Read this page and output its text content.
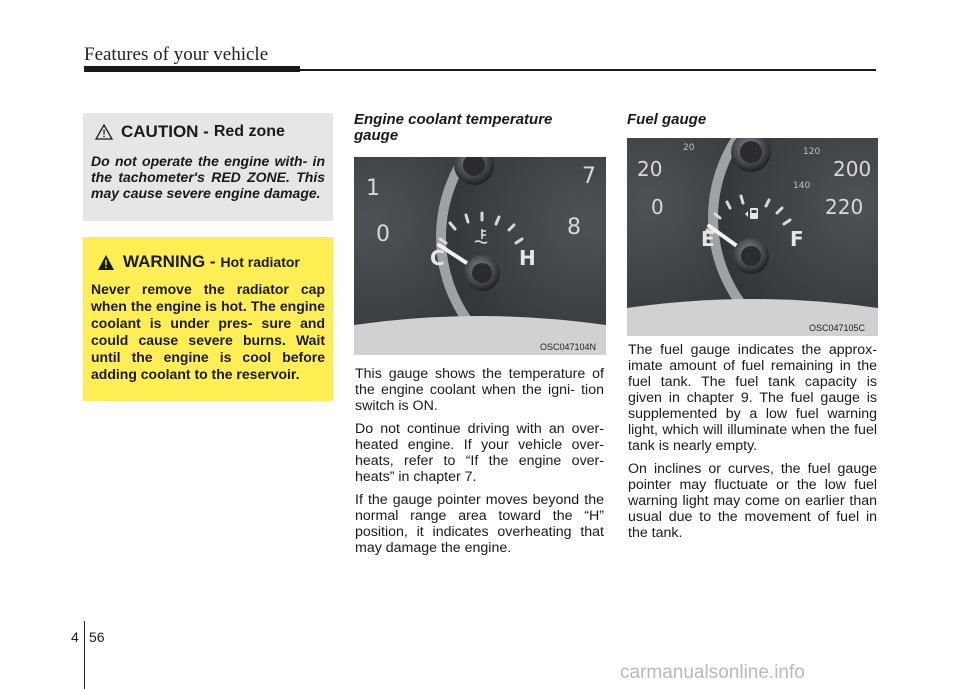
Features of your vehicle
CAUTION - Red zone
Do not operate the engine with- in the tachometer's RED ZONE. This may cause severe engine damage.
WARNING - Hot radiator
Never remove the radiator cap when the engine is hot. The engine coolant is under pres- sure and could cause severe burns. Wait until the engine is cool before adding coolant to the reservoir.
Engine coolant temperature gauge
1
0
7
8
C	H
OSC047104N

This gauge shows the temperature of the engine coolant when the igni- tion switch is ON.

Do not continue driving with an over- heated engine. If your vehicle over- heats, refer to “If the engine over- heats” in chapter 7.

If the gauge pointer moves beyond the normal range area toward the “H” position, it indicates overheating that may damage the engine.

Fuel gauge
20
0
20	120
140
200
220
E	F
OSC047105C

The fuel gauge indicates the approx- imate amount of fuel remaining in the fuel tank. The fuel tank capacity is given in chapter 9. The fuel gauge is supplemented by a low fuel warning light, which will illuminate when the fuel tank is nearly empty.

On inclines or curves, the fuel gauge pointer may fluctuate or the low fuel warning light may come on earlier than usual due to the movement of fuel in the tank.

4 56
carmanualsonline.info
